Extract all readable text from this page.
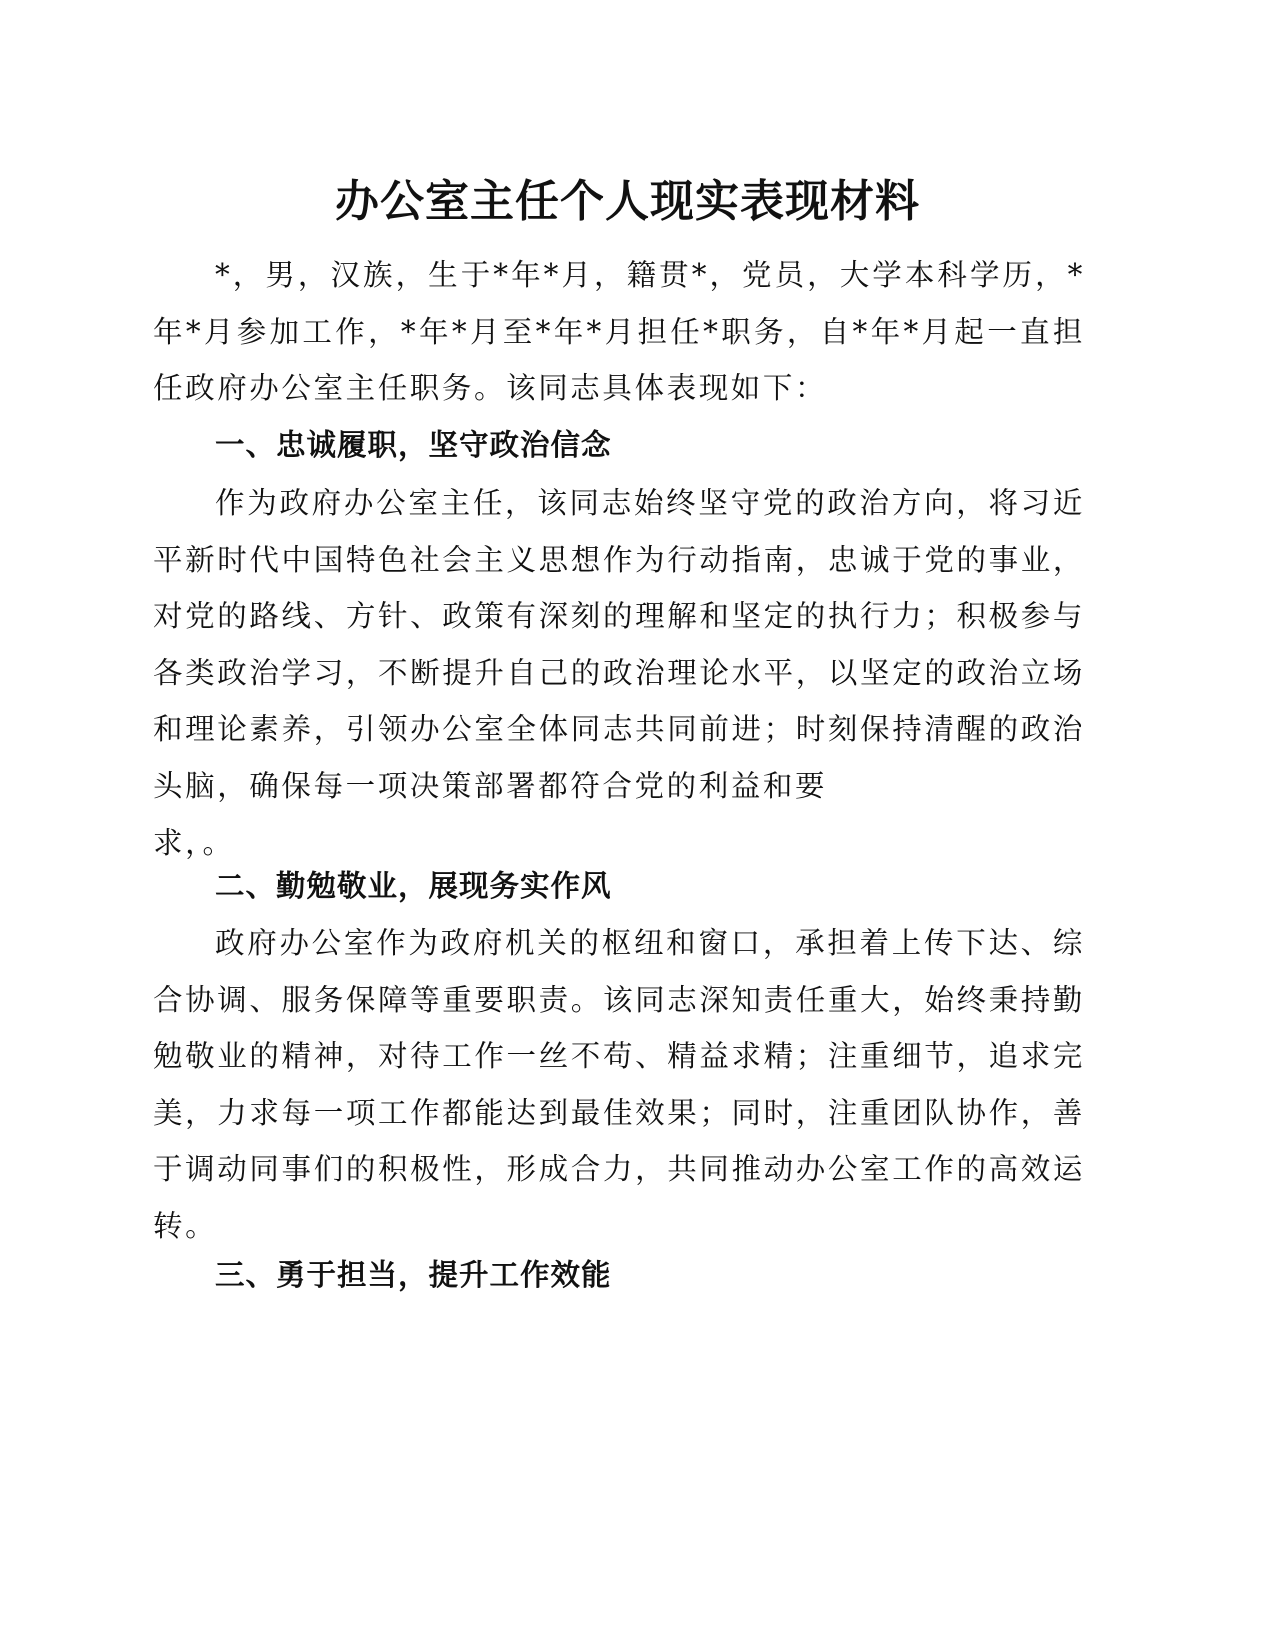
办公室主任个人现实表现材料

*，男，汉族，生于*年*月，籍贯*，党员，大学本科学历，*年*月参加工作，*年*月至*年*月担任*职务，自*年*月起一直担任政府办公室主任职务。该同志具体表现如下：

一、忠诚履职，坚守政治信念

作为政府办公室主任，该同志始终坚守党的政治方向，将习近平新时代中国特色社会主义思想作为行动指南，忠诚于党的事业，对党的路线、方针、政策有深刻的理解和坚定的执行力；积极参与各类政治学习，不断提升自己的政治理论水平，以坚定的政治立场和理论素养，引领办公室全体同志共同前进；时刻保持清醒的政治头脑，确保每一项决策部署都符合党的利益和要

求，。

二、勤勉敬业，展现务实作风

政府办公室作为政府机关的枢纽和窗口，承担着上传下达、综合协调、服务保障等重要职责。该同志深知责任重大，始终秉持勤勉敬业的精神，对待工作一丝不苟、精益求精；注重细节，追求完美，力求每一项工作都能达到最佳效果；同时，注重团队协作，善于调动同事们的积极性，形成合力，共同推动办公室工作的高效运转。

三、勇于担当，提升工作效能
